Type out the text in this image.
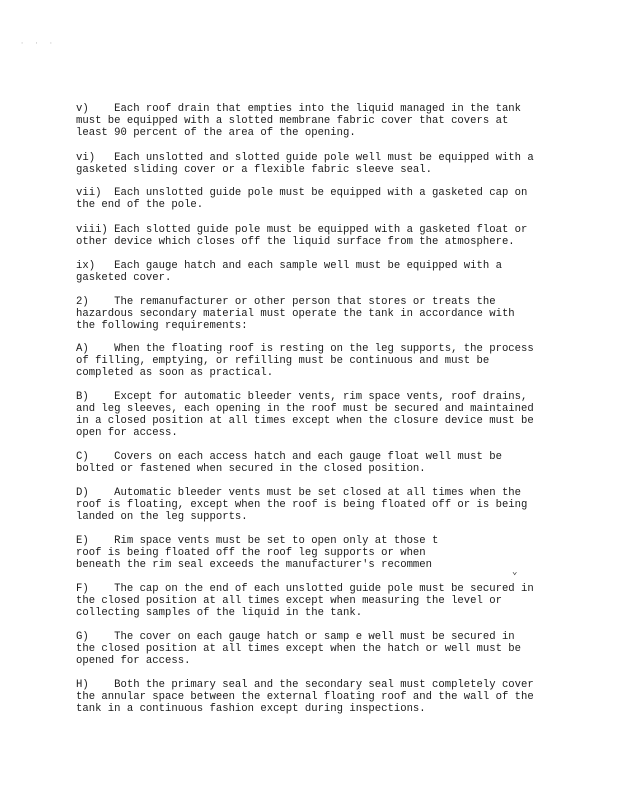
· · ·

v)    Each roof drain that empties into the liquid managed in the tank
must be equipped with a slotted membrane fabric cover that covers at
least 90 percent of the area of the opening.

vi)   Each unslotted and slotted guide pole well must be equipped with a
gasketed sliding cover or a flexible fabric sleeve seal.

vii)  Each unslotted guide pole must be equipped with a gasketed cap on
the end of the pole.

viii) Each slotted guide pole must be equipped with a gasketed float or
other device which closes off the liquid surface from the atmosphere.

ix)   Each gauge hatch and each sample well must be equipped with a
gasketed cover.

2)    The remanufacturer or other person that stores or treats the
hazardous secondary material must operate the tank in accordance with
the following requirements:

A)    When the floating roof is resting on the leg supports, the process
of filling, emptying, or refilling must be continuous and must be
completed as soon as practical.

B)    Except for automatic bleeder vents, rim space vents, roof drains,
and leg sleeves, each opening in the roof must be secured and maintained
in a closed position at all times except when the closure device must be
open for access.

C)    Covers on each access hatch and each gauge float well must be
bolted or fastened when secured in the closed position.

D)    Automatic bleeder vents must be set closed at all times when the
roof is floating, except when the roof is being floated off or is being
landed on the leg supports.

E)    Rim space vents must be set to open only at those t
roof is being floated off the roof leg supports or when
beneath the rim seal exceeds the manufacturer's recommen

⌄

F)    The cap on the end of each unslotted guide pole must be secured in
the closed position at all times except when measuring the level or
collecting samples of the liquid in the tank.

G)    The cover on each gauge hatch or samp e well must be secured in
the closed position at all times except when the hatch or well must be
opened for access.

H)    Both the primary seal and the secondary seal must completely cover
the annular space between the external floating roof and the wall of the
tank in a continuous fashion except during inspections.
